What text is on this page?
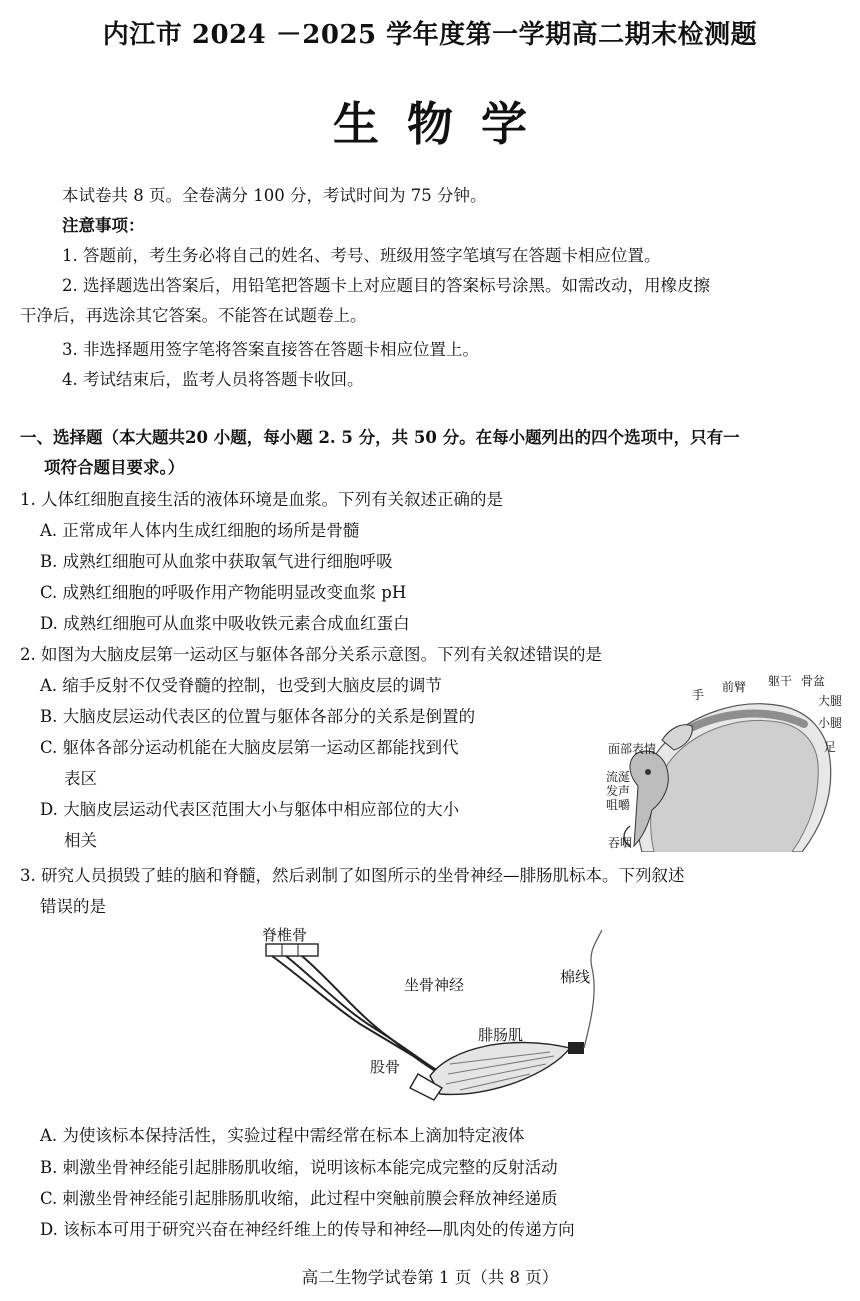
内江市 2024 －2025 学年度第一学期高二期末检测题
生物学
本试卷共 8 页。全卷满分 100 分，考试时间为 75 分钟。
注意事项：
1. 答题前，考生务必将自己的姓名、考号、班级用签字笔填写在答题卡相应位置。
2. 选择题选出答案后，用铅笔把答题卡上对应题目的答案标号涂黑。如需改动，用橡皮擦
干净后，再选涂其它答案。不能答在试题卷上。
3. 非选择题用签字笔将答案直接答在答题卡相应位置上。
4. 考试结束后，监考人员将答题卡收回。
一、选择题（本大题共20 小题，每小题 2. 5 分，共 50 分。在每小题列出的四个选项中，只有一
项符合题目要求。）
1. 人体红细胞直接生活的液体环境是血浆。下列有关叙述正确的是
A. 正常成年人体内生成红细胞的场所是骨髓
B. 成熟红细胞可从血浆中获取氧气进行细胞呼吸
C. 成熟红细胞的呼吸作用产物能明显改变血浆 pH
D. 成熟红细胞可从血浆中吸收铁元素合成血红蛋白
2. 如图为大脑皮层第一运动区与躯体各部分关系示意图。下列有关叙述错误的是
A. 缩手反射不仅受脊髓的控制，也受到大脑皮层的调节
B. 大脑皮层运动代表区的位置与躯体各部分的关系是倒置的
C. 躯体各部分运动机能在大脑皮层第一运动区都能找到代
表区
D. 大脑皮层运动代表区范围大小与躯体中相应部位的大小
相关
手
前臂 躯干 骨盆
大腿
小腿
足
面部表情
流涎
发声
咀嚼
吞咽
3. 研究人员损毁了蛙的脑和脊髓，然后剥制了如图所示的坐骨神经—腓肠肌标本。下列叙述
错误的是
脊椎骨
坐骨神经	棉线
腓肠肌
股骨
A. 为使该标本保持活性，实验过程中需经常在标本上滴加特定液体
B. 刺激坐骨神经能引起腓肠肌收缩，说明该标本能完成完整的反射活动
C. 刺激坐骨神经能引起腓肠肌收缩，此过程中突触前膜会释放神经递质
D. 该标本可用于研究兴奋在神经纤维上的传导和神经—肌肉处的传递方向
高二生物学试卷第 1 页（共 8 页）
